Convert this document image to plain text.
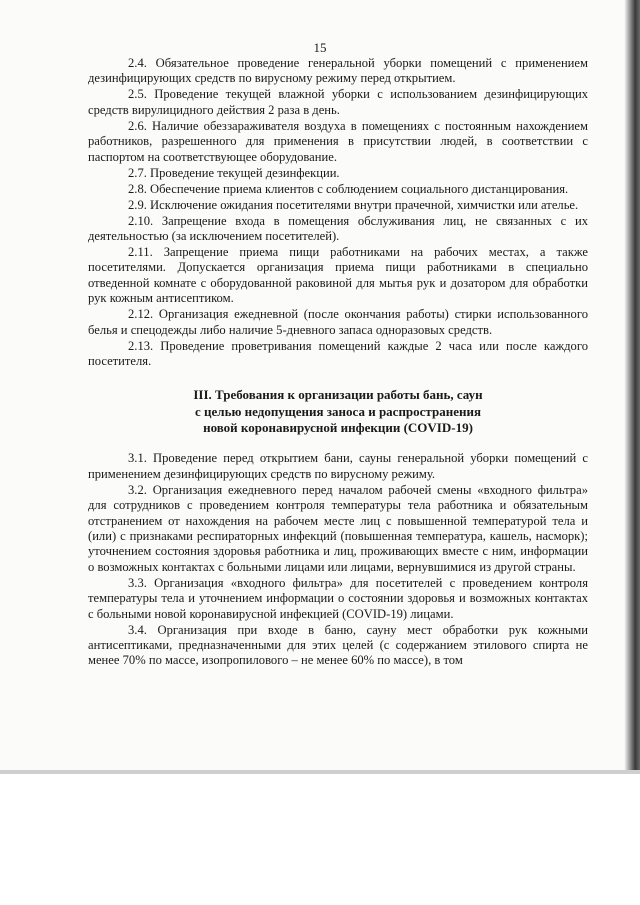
15

2.4. Обязательное проведение генеральной уборки помещений с применением дезинфицирующих средств по вирусному режиму перед открытием.

2.5. Проведение текущей влажной уборки с использованием дезинфицирующих средств вирулицидного действия 2 раза в день.

2.6. Наличие обеззараживателя воздуха в помещениях с постоянным нахождением работников, разрешенного для применения в присутствии людей, в соответствии с паспортом на соответствующее оборудование.

2.7. Проведение текущей дезинфекции.

2.8. Обеспечение приема клиентов с соблюдением социального дистанцирования.

2.9. Исключение ожидания посетителями внутри прачечной, химчистки или ателье.

2.10. Запрещение входа в помещения обслуживания лиц, не связанных с их деятельностью (за исключением посетителей).

2.11. Запрещение приема пищи работниками на рабочих местах, а также посетителями. Допускается организация приема пищи работниками в специально отведенной комнате с оборудованной раковиной для мытья рук и дозатором для обработки рук кожным антисептиком.

2.12. Организация ежедневной (после окончания работы) стирки использованного белья и спецодежды либо наличие 5-дневного запаса одноразовых средств.

2.13. Проведение проветривания помещений каждые 2 часа или после каждого посетителя.

III. Требования к организации работы бань, саун
с целью недопущения заноса и распространения
новой коронавирусной инфекции (COVID-19)

3.1. Проведение перед открытием бани, сауны генеральной уборки помещений с применением дезинфицирующих средств по вирусному режиму.

3.2. Организация ежедневного перед началом рабочей смены «входного фильтра» для сотрудников с проведением контроля температуры тела работника и обязательным отстранением от нахождения на рабочем месте лиц с повышенной температурой тела и (или) с признаками респираторных инфекций (повышенная температура, кашель, насморк); уточнением состояния здоровья работника и лиц, проживающих вместе с ним, информации о возможных контактах с больными лицами или лицами, вернувшимися из другой страны.

3.3. Организация «входного фильтра» для посетителей с проведением контроля температуры тела и уточнением информации о состоянии здоровья и возможных контактах с больными новой коронавирусной инфекцией (COVID-19) лицами.

3.4. Организация при входе в баню, сауну мест обработки рук кожными антисептиками, предназначенными для этих целей (с содержанием этилового спирта не менее 70% по массе, изопропилового – не менее 60% по массе), в том
